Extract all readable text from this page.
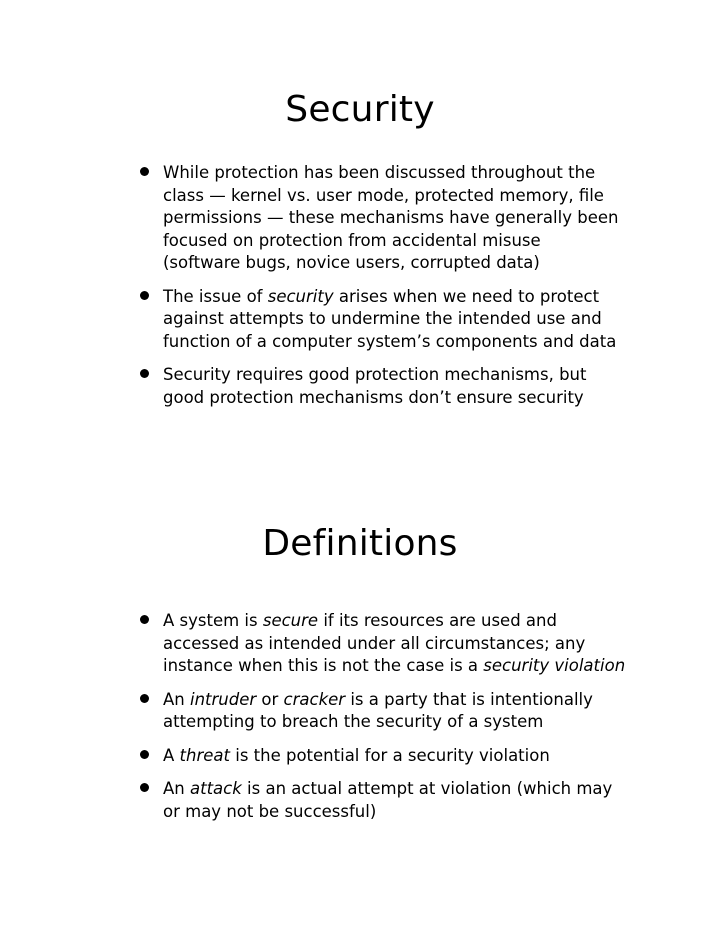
Security
While protection has been discussed throughout the
class — kernel vs. user mode, protected memory, file
permissions — these mechanisms have generally been
focused on protection from accidental misuse
(software bugs, novice users, corrupted data)
The issue of security arises when we need to protect
against attempts to undermine the intended use and
function of a computer system’s components and data
Security requires good protection mechanisms, but
good protection mechanisms don’t ensure security
Definitions
A system is secure if its resources are used and
accessed as intended under all circumstances; any
instance when this is not the case is a security violation
An intruder or cracker is a party that is intentionally
attempting to breach the security of a system
A threat is the potential for a security violation
An attack is an actual attempt at violation (which may
or may not be successful)
